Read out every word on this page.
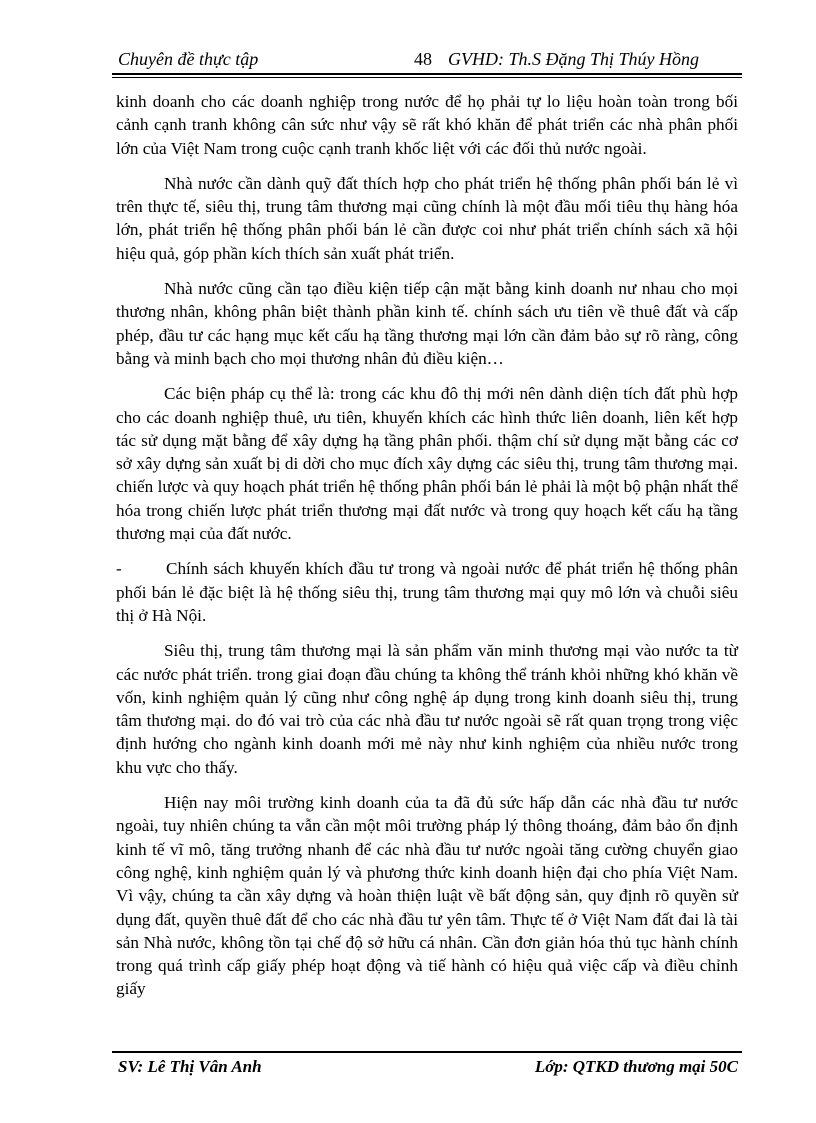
Chuyên đề thực tập	48 GVHD: Th.S Đặng Thị Thúy Hồng

kinh doanh cho các doanh nghiệp trong nước để họ phải tự lo liệu hoàn toàn trong bối cảnh cạnh tranh không cân sức như vậy sẽ rất khó khăn để phát triển các nhà phân phối lớn của Việt Nam trong cuộc cạnh tranh khốc liệt với các đối thủ nước ngoài.

Nhà nước cần dành quỹ đất thích hợp cho phát triển hệ thống phân phối bán lẻ vì trên thực tế, siêu thị, trung tâm thương mại cũng chính là một đầu mối tiêu thụ hàng hóa lớn, phát triển hệ thống phân phối bán lẻ cần được coi như phát triển chính sách xã hội hiệu quả, góp phần kích thích sản xuất phát triển.

Nhà nước cũng cần tạo điều kiện tiếp cận mặt bằng kinh doanh nư nhau cho mọi thương nhân, không phân biệt thành phần kinh tế. chính sách ưu tiên về thuê đất và cấp phép, đầu tư các hạng mục kết cấu hạ tầng thương mại lớn cần đảm bảo sự rõ ràng, công bằng và minh bạch cho mọi thương nhân đủ điều kiện…

Các biện pháp cụ thể là: trong các khu đô thị mới nên dành diện tích đất phù hợp cho các doanh nghiệp thuê, ưu tiên, khuyến khích các hình thức liên doanh, liên kết hợp tác sử dụng mặt bằng để xây dựng hạ tầng phân phối. thậm chí sử dụng mặt bằng các cơ sở xây dựng sản xuất bị di dời cho mục đích xây dựng các siêu thị, trung tâm thương mại. chiến lược và quy hoạch phát triển hệ thống phân phối bán lẻ phải là một bộ phận nhất thể hóa trong chiến lược phát triển thương mại đất nước và trong quy hoạch kết cấu hạ tầng thương mại của đất nước.

-	Chính sách khuyến khích đầu tư trong và ngoài nước để phát triển hệ thống phân phối bán lẻ đặc biệt là hệ thống siêu thị, trung tâm thương mại quy mô lớn và chuỗi siêu thị ở Hà Nội.

Siêu thị, trung tâm thương mại là sản phẩm văn minh thương mại vào nước ta từ các nước phát triển. trong giai đoạn đầu chúng ta không thể tránh khỏi những khó khăn về vốn, kinh nghiệm quản lý cũng như công nghệ áp dụng trong kinh doanh siêu thị, trung tâm thương mại. do đó vai trò của các nhà đầu tư nước ngoài sẽ rất quan trọng trong việc định hướng cho ngành kinh doanh mới mẻ này như kinh nghiệm của nhiều nước trong khu vực cho thấy.

Hiện nay môi trường kinh doanh của ta đã đủ sức hấp dẫn các nhà đầu tư nước ngoài, tuy nhiên chúng ta vẫn cần một môi trường pháp lý thông thoáng, đảm bảo ổn định kinh tế vĩ mô, tăng trưởng nhanh để các nhà đầu tư nước ngoài tăng cường chuyển giao công nghệ, kinh nghiệm quản lý và phương thức kinh doanh hiện đại cho phía Việt Nam. Vì vậy, chúng ta cần xây dựng và hoàn thiện luật về bất động sản, quy định rõ quyền sử dụng đất, quyền thuê đất để cho các nhà đầu tư yên tâm. Thực tế ở Việt Nam đất đai là tài sản Nhà nước, không tồn tại chế độ sở hữu cá nhân. Cần đơn giản hóa thủ tục hành chính trong quá trình cấp giấy phép hoạt động và tiế hành có hiệu quả việc cấp và điều chỉnh giấy

SV: Lê Thị Vân Anh	Lớp: QTKD thương mại 50C
